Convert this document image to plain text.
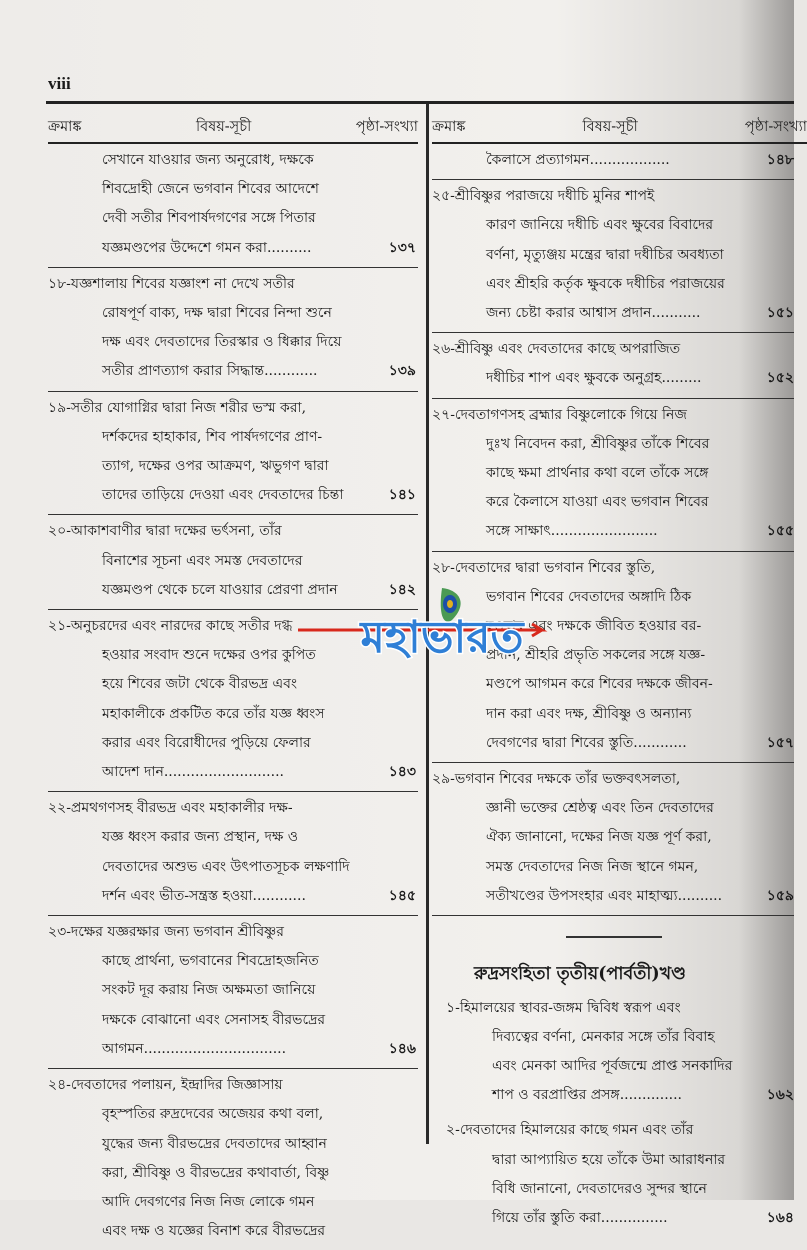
viii
ক্রমাঙ্ক	বিষয়-সূচী	পৃষ্ঠা-সংখ্যা
সেখানে যাওয়ার জন্য অনুরোধ, দক্ষকে
শিবদ্রোহী জেনে ভগবান শিবের আদেশে
দেবী সতীর শিবপার্ষদগণের সঙ্গে পিতার
যজ্ঞমণ্ডপের উদ্দেশে গমন করা..........	১৩৭
১৮-যজ্ঞশালায় শিবের যজ্ঞাংশ না দেখে সতীর
রোষপূর্ণ বাক্য, দক্ষ দ্বারা শিবের নিন্দা শুনে
দক্ষ এবং দেবতাদের তিরস্কার ও ধিক্কার দিয়ে
সতীর প্রাণত্যাগ করার সিদ্ধান্ত............	১৩৯
১৯-সতীর যোগাগ্নির দ্বারা নিজ শরীর ভস্ম করা,
দর্শকদের হাহাকার, শিব পার্ষদগণের প্রাণ-
ত্যাগ, দক্ষের ওপর আক্রমণ, ঋভুগণ দ্বারা
তাদের তাড়িয়ে দেওয়া এবং দেবতাদের চিন্তা	১৪১
২০-আকাশবাণীর দ্বারা দক্ষের ভর্ৎসনা, তাঁর
বিনাশের সূচনা এবং সমস্ত দেবতাদের
যজ্ঞমণ্ডপ থেকে চলে যাওয়ার প্রেরণা প্রদান	১৪২
২১-অনুচরদের এবং নারদের কাছে সতীর দগ্ধ
হওয়ার সংবাদ শুনে দক্ষের ওপর কুপিত
হয়ে শিবের জটা থেকে বীরভদ্র এবং
মহাকালীকে প্রকটিত করে তাঁর যজ্ঞ ধ্বংস
করার এবং বিরোধীদের পুড়িয়ে ফেলার
আদেশ দান...........................	১৪৩
২২-প্রমথগণসহ বীরভদ্র এবং মহাকালীর দক্ষ-
যজ্ঞ ধ্বংস করার জন্য প্রস্থান, দক্ষ ও
দেবতাদের অশুভ এবং উৎপাতসূচক লক্ষণাদি
দর্শন এবং ভীত-সন্ত্রস্ত হওয়া............	১৪৫
২৩-দক্ষের যজ্ঞরক্ষার জন্য ভগবান শ্রীবিষ্ণুর
কাছে প্রার্থনা, ভগবানের শিবদ্রোহজনিত
সংকট দূর করায় নিজ অক্ষমতা জানিয়ে
দক্ষকে বোঝানো এবং সেনাসহ বীরভদ্রের
আগমন................................	১৪৬
২৪-দেবতাদের পলায়ন, ইন্দ্রাদির জিজ্ঞাসায়
বৃহস্পতির রুদ্রদেবের অজেয়র কথা বলা,
যুদ্ধের জন্য বীরভদ্রের দেবতাদের আহ্বান
করা, শ্রীবিষ্ণু ও বীরভদ্রের কথাবার্তা, বিষ্ণু
আদি দেবগণের নিজ নিজ লোকে গমন
এবং দক্ষ ও যজ্ঞের বিনাশ করে বীরভদ্রের
ক্রমাঙ্ক	বিষয়-সূচী	পৃষ্ঠা-সংখ্যা
কৈলাসে প্রত্যাগমন..................	১৪৮
২৫-শ্রীবিষ্ণুর পরাজয়ে দধীচি মুনির শাপই
কারণ জানিয়ে দধীচি এবং ক্ষুবের বিবাদের
বর্ণনা, মৃত্যুঞ্জয় মন্ত্রের দ্বারা দধীচির অবধ্যতা
এবং শ্রীহরি কর্তৃক ক্ষুবকে দধীচির পরাজয়ের
জন্য চেষ্টা করার আশ্বাস প্রদান...........	১৫১
২৬-শ্রীবিষ্ণু এবং দেবতাদের কাছে অপরাজিত
দধীচির শাপ এবং ক্ষুবকে অনুগ্রহ.........	১৫২
২৭-দেবতাগণসহ ব্রহ্মার বিষ্ণুলোকে গিয়ে নিজ
দুঃখ নিবেদন করা, শ্রীবিষ্ণুর তাঁকে শিবের
কাছে ক্ষমা প্রার্থনার কথা বলে তাঁকে সঙ্গে
করে কৈলাসে যাওয়া এবং ভগবান শিবের
সঙ্গে সাক্ষাৎ........................	১৫৫
২৮-দেবতাদের দ্বারা ভগবান শিবের স্তুতি,
ভগবান শিবের দেবতাদের অঙ্গাদি ঠিক
হওয়ার এবং দক্ষকে জীবিত হওয়ার বর-
প্রদান, শ্রীহরি প্রভৃতি সকলের সঙ্গে যজ্ঞ-
মণ্ডপে আগমন করে শিবের দক্ষকে জীবন-
দান করা এবং দক্ষ, শ্রীবিষ্ণু ও অন্যান্য
দেবগণের দ্বারা শিবের স্তুতি............	১৫৭
২৯-ভগবান শিবের দক্ষকে তাঁর ভক্তবৎসলতা,
জ্ঞানী ভক্তের শ্রেষ্ঠত্ব এবং তিন দেবতাদের
ঐক্য জানানো, দক্ষের নিজ যজ্ঞ পূর্ণ করা,
সমস্ত দেবতাদের নিজ নিজ স্থানে গমন,
সতীখণ্ডের উপসংহার এবং মাহাত্ম্য..........	১৫৯
রুদ্রসংহিতা তৃতীয়(পার্বতী)খণ্ড
১-হিমালয়ের স্থাবর-জঙ্গম দ্বিবিধ স্বরূপ এবং
দিব্যত্বের বর্ণনা, মেনকার সঙ্গে তাঁর বিবাহ
এবং মেনকা আদির পূর্বজন্মে প্রাপ্ত সনকাদির
শাপ ও বরপ্রাপ্তির প্রসঙ্গ..............	১৬২
২-দেবতাদের হিমালয়ের কাছে গমন এবং তাঁর
দ্বারা আপ্যায়িত হয়ে তাঁকে উমা আরাধনার
বিধি জানানো, দেবতাদেরও সুন্দর স্থানে
গিয়ে তাঁর স্তুতি করা...............	১৬৪
মহাভারত
